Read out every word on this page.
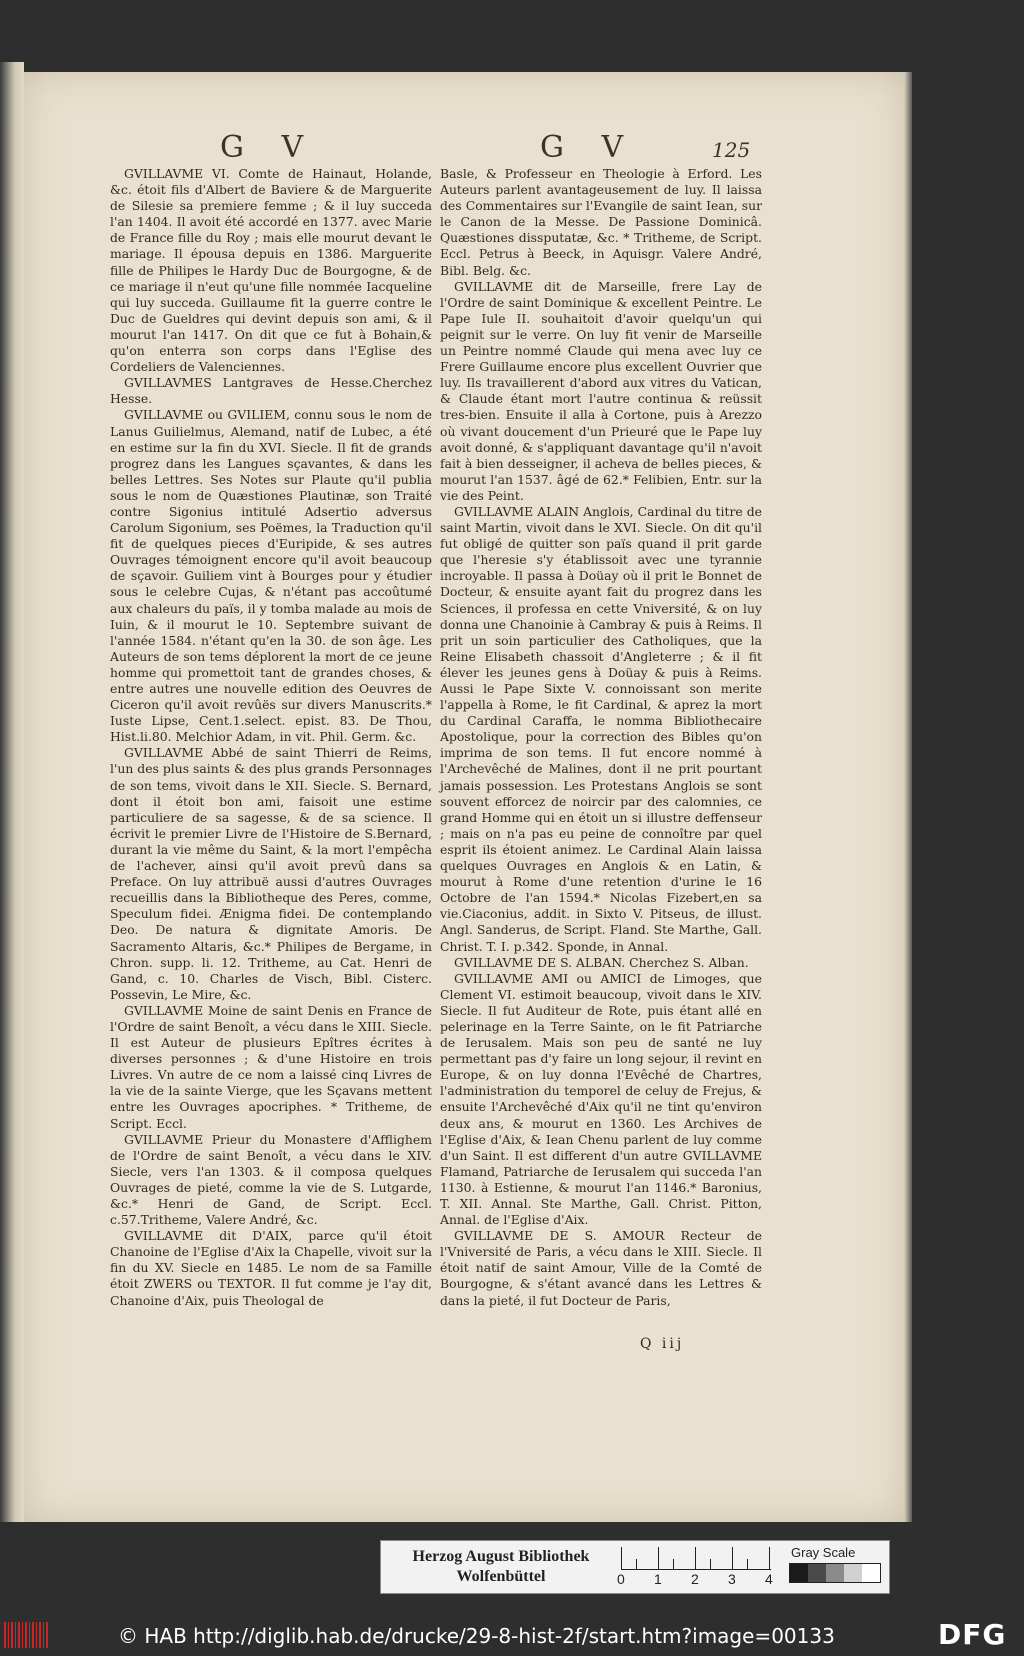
G V	G V	125

GVILLAVME VI. Comte de Hainaut, Holande, &c. étoit fils d'Albert de Baviere & de Marguerite de Silesie sa premiere femme ; & il luy succeda l'an 1404. Il avoit été accordé en 1377. avec Marie de France fille du Roy ; mais elle mourut devant le mariage. Il épousa depuis en 1386. Marguerite fille de Philipes le Hardy Duc de Bourgogne, & de ce mariage il n'eut qu'une fille nommée Iacqueline qui luy succeda. Guillaume fit la guerre contre le Duc de Gueldres qui devint depuis son ami, & il mourut l'an 1417. On dit que ce fut à Bohain,& qu'on enterra son corps dans l'Eglise des Cordeliers de Valenciennes.

GVILLAVMES Lantgraves de Hesse.Cherchez Hesse.

GVILLAVME ou GVILIEM, connu sous le nom de Lanus Guilielmus, Alemand, natif de Lubec, a été en estime sur la fin du XVI. Siecle. Il fit de grands progrez dans les Langues sçavantes, & dans les belles Lettres. Ses Notes sur Plaute qu'il publia sous le nom de Quæstiones Plautinæ, son Traité contre Sigonius intitulé Adsertio adversus Carolum Sigonium, ses Poëmes, la Traduction qu'il fit de quelques pieces d'Euripide, & ses autres Ouvrages témoignent encore qu'il avoit beaucoup de sçavoir. Guiliem vint à Bourges pour y étudier sous le celebre Cujas, & n'étant pas accoûtumé aux chaleurs du païs, il y tomba malade au mois de Iuin, & il mourut le 10. Septembre suivant de l'année 1584. n'étant qu'en la 30. de son âge. Les Auteurs de son tems déplorent la mort de ce jeune homme qui promettoit tant de grandes choses, & entre autres une nouvelle edition des Oeuvres de Ciceron qu'il avoit revûës sur divers Manuscrits.* Iuste Lipse, Cent.1.select. epist. 83. De Thou, Hist.li.80. Melchior Adam, in vit. Phil. Germ. &c.

GVILLAVME Abbé de saint Thierri de Reims, l'un des plus saints & des plus grands Personnages de son tems, vivoit dans le XII. Siecle. S. Bernard, dont il étoit bon ami, faisoit une estime particuliere de sa sagesse, & de sa science. Il écrivit le premier Livre de l'Histoire de S.Bernard, durant la vie même du Saint, & la mort l'empêcha de l'achever, ainsi qu'il avoit prevû dans sa Preface. On luy attribuë aussi d'autres Ouvrages recueillis dans la Bibliotheque des Peres, comme, Speculum fidei. Ænigma fidei. De contemplando Deo. De natura & dignitate Amoris. De Sacramento Altaris, &c.* Philipes de Bergame, in Chron. supp. li. 12. Tritheme, au Cat. Henri de Gand, c. 10. Charles de Visch, Bibl. Cisterc. Possevin, Le Mire, &c.

GVILLAVME Moine de saint Denis en France de l'Ordre de saint Benoît, a vécu dans le XIII. Siecle. Il est Auteur de plusieurs Epîtres écrites à diverses personnes ; & d'une Histoire en trois Livres. Vn autre de ce nom a laissé cinq Livres de la vie de la sainte Vierge, que les Sçavans mettent entre les Ouvrages apocriphes. * Tritheme, de Script. Eccl.

GVILLAVME Prieur du Monastere d'Afflighem de l'Ordre de saint Benoît, a vécu dans le XIV. Siecle, vers l'an 1303. & il composa quelques Ouvrages de pieté, comme la vie de S. Lutgarde, &c.* Henri de Gand, de Script. Eccl. c.57.Tritheme, Valere André, &c.

GVILLAVME dit D'AIX, parce qu'il étoit Chanoine de l'Eglise d'Aix la Chapelle, vivoit sur la fin du XV. Siecle en 1485. Le nom de sa Famille étoit ZWERS ou TEXTOR. Il fut comme je l'ay dit, Chanoine d'Aix, puis Theologal de

Basle, & Professeur en Theologie à Erford. Les Auteurs parlent avantageusement de luy. Il laissa des Commentaires sur l'Evangile de saint Iean, sur le Canon de la Messe. De Passione Dominicâ. Quæstiones dissputatæ, &c. * Tritheme, de Script. Eccl. Petrus à Beeck, in Aquisgr. Valere André, Bibl. Belg. &c.

GVILLAVME dit de Marseille, frere Lay de l'Ordre de saint Dominique & excellent Peintre. Le Pape Iule II. souhaitoit d'avoir quelqu'un qui peignit sur le verre. On luy fit venir de Marseille un Peintre nommé Claude qui mena avec luy ce Frere Guillaume encore plus excellent Ouvrier que luy. Ils travaillerent d'abord aux vitres du Vatican, & Claude étant mort l'autre continua & reüssit tres-bien. Ensuite il alla à Cortone, puis à Arezzo où vivant doucement d'un Prieuré que le Pape luy avoit donné, & s'appliquant davantage qu'il n'avoit fait à bien desseigner, il acheva de belles pieces, & mourut l'an 1537. âgé de 62.* Felibien, Entr. sur la vie des Peint.

GVILLAVME ALAIN Anglois, Cardinal du titre de saint Martin, vivoit dans le XVI. Siecle. On dit qu'il fut obligé de quitter son païs quand il prit garde que l'heresie s'y établissoit avec une tyrannie incroyable. Il passa à Doüay où il prit le Bonnet de Docteur, & ensuite ayant fait du progrez dans les Sciences, il professa en cette Vniversité, & on luy donna une Chanoinie à Cambray & puis à Reims. Il prit un soin particulier des Catholiques, que la Reine Elisabeth chassoit d'Angleterre ; & il fit élever les jeunes gens à Doüay & puis à Reims. Aussi le Pape Sixte V. connoissant son merite l'appella à Rome, le fit Cardinal, & aprez la mort du Cardinal Caraffa, le nomma Bibliothecaire Apostolique, pour la correction des Bibles qu'on imprima de son tems. Il fut encore nommé à l'Archevêché de Malines, dont il ne prit pourtant jamais possession. Les Protestans Anglois se sont souvent efforcez de noircir par des calomnies, ce grand Homme qui en étoit un si illustre deffenseur ; mais on n'a pas eu peine de connoître par quel esprit ils étoient animez. Le Cardinal Alain laissa quelques Ouvrages en Anglois & en Latin, & mourut à Rome d'une retention d'urine le 16 Octobre de l'an 1594.* Nicolas Fizebert,en sa vie.Ciaconius, addit. in Sixto V. Pitseus, de illust. Angl. Sanderus, de Script. Fland. Ste Marthe, Gall. Christ. T. I. p.342. Sponde, in Annal.

GVILLAVME DE S. ALBAN. Cherchez S. Alban.

GVILLAVME AMI ou AMICI de Limoges, que Clement VI. estimoit beaucoup, vivoit dans le XIV. Siecle. Il fut Auditeur de Rote, puis étant allé en pelerinage en la Terre Sainte, on le fit Patriarche de Ierusalem. Mais son peu de santé ne luy permettant pas d'y faire un long sejour, il revint en Europe, & on luy donna l'Evêché de Chartres, l'administration du temporel de celuy de Frejus, & ensuite l'Archevêché d'Aix qu'il ne tint qu'environ deux ans, & mourut en 1360. Les Archives de l'Eglise d'Aix, & Iean Chenu parlent de luy comme d'un Saint. Il est different d'un autre GVILLAVME Flamand, Patriarche de Ierusalem qui succeda l'an 1130. à Estienne, & mourut l'an 1146.* Baronius, T. XII. Annal. Ste Marthe, Gall. Christ. Pitton, Annal. de l'Eglise d'Aix.

GVILLAVME DE S. AMOUR Recteur de l'Vniversité de Paris, a vécu dans le XIII. Siecle. Il étoit natif de saint Amour, Ville de la Comté de Bourgogne, & s'étant avancé dans les Lettres & dans la pieté, il fut Docteur de Paris,

Q iij
Herzog August Bibliothek
Wolfenbüttel	0 1 2 3 4
Gray Scale
© HAB http://diglib.hab.de/drucke/29-8-hist-2f/start.htm?image=00133	DFG
